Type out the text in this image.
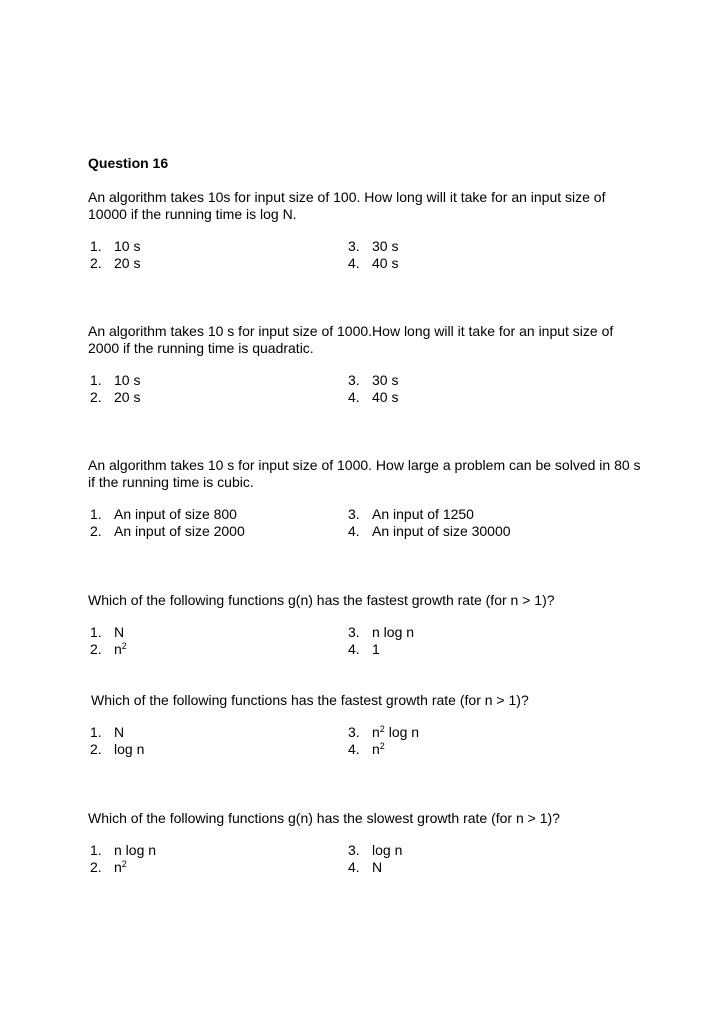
Question 16

An algorithm takes 10s for input size of 100. How long will it take for an input size of 10000 if the running time is log N.

1. 10 s
2. 20 s
3. 30 s
4. 40 s

An algorithm takes 10 s for input size of 1000.How long will it take for an input size of 2000 if the running time is quadratic.

1. 10 s
2. 20 s
3. 30 s
4. 40 s

An algorithm takes 10 s for input size of 1000. How large a problem can be solved in 80 s if the running time is cubic.

1. An input of size 800
2. An input of size 2000
3. An input of 1250
4. An input of size 30000

Which of the following functions g(n) has the fastest growth rate (for n > 1)?

1. N
2. $n^2$
3. n log n
4. 1

Which of the following functions has the fastest growth rate (for n > 1)?

1. N
2. log n
3. $n^2$ log n
4. $n^2$

Which of the following functions g(n) has the slowest growth rate (for n > 1)?

1. n log n
2. $n^2$
3. log n
4. N
